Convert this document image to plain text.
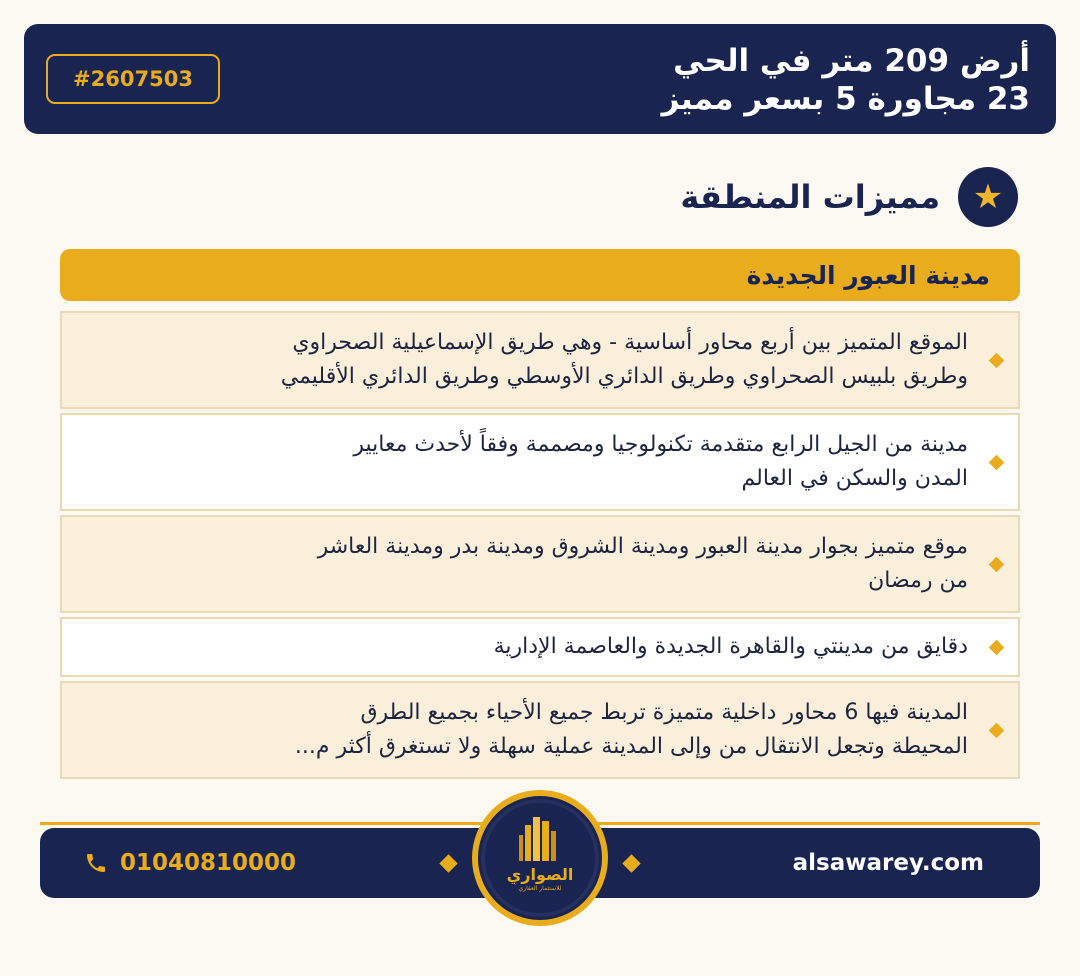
أرض 209 متر في الحي
23 مجاورة 5 بسعر مميز
#2607503
★
مميزات المنطقة
مدينة العبور الجديدة
الموقع المتميز بين أربع محاور أساسية - وهي طريق الإسماعيلية الصحراوي
وطريق بلبيس الصحراوي وطريق الدائري الأوسطي وطريق الدائري الأقليمي
مدينة من الجيل الرابع متقدمة تكنولوجيا ومصممة وفقاً لأحدث معايير
المدن والسكن في العالم
موقع متميز بجوار مدينة العبور ومدينة الشروق ومدينة بدر ومدينة العاشر
من رمضان
دقايق من مدينتي والقاهرة الجديدة والعاصمة الإدارية
المدينة فيها 6 محاور داخلية متميزة تربط جميع الأحياء بجميع الطرق
المحيطة وتجعل الانتقال من وإلى المدينة عملية سهلة ولا تستغرق أكثر م...
alsawarey.com
01040810000	الصواري
للاستثمار العقاري
